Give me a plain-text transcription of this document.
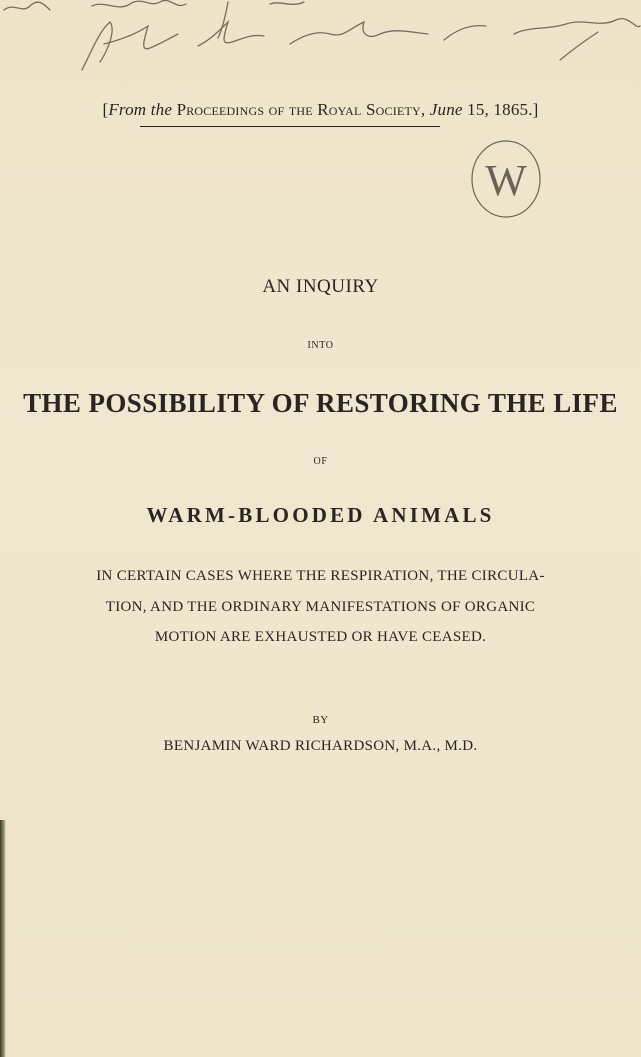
[From the Proceedings of the Royal Society, June 15, 1865.]
W
AN INQUIRY
INTO
THE POSSIBILITY OF RESTORING THE LIFE
OF
WARM-BLOODED ANIMALS
IN CERTAIN CASES WHERE THE RESPIRATION, THE CIRCULA-
TION, AND THE ORDINARY MANIFESTATIONS OF ORGANIC
MOTION ARE EXHAUSTED OR HAVE CEASED.
BY
BENJAMIN WARD RICHARDSON, M.A., M.D.
